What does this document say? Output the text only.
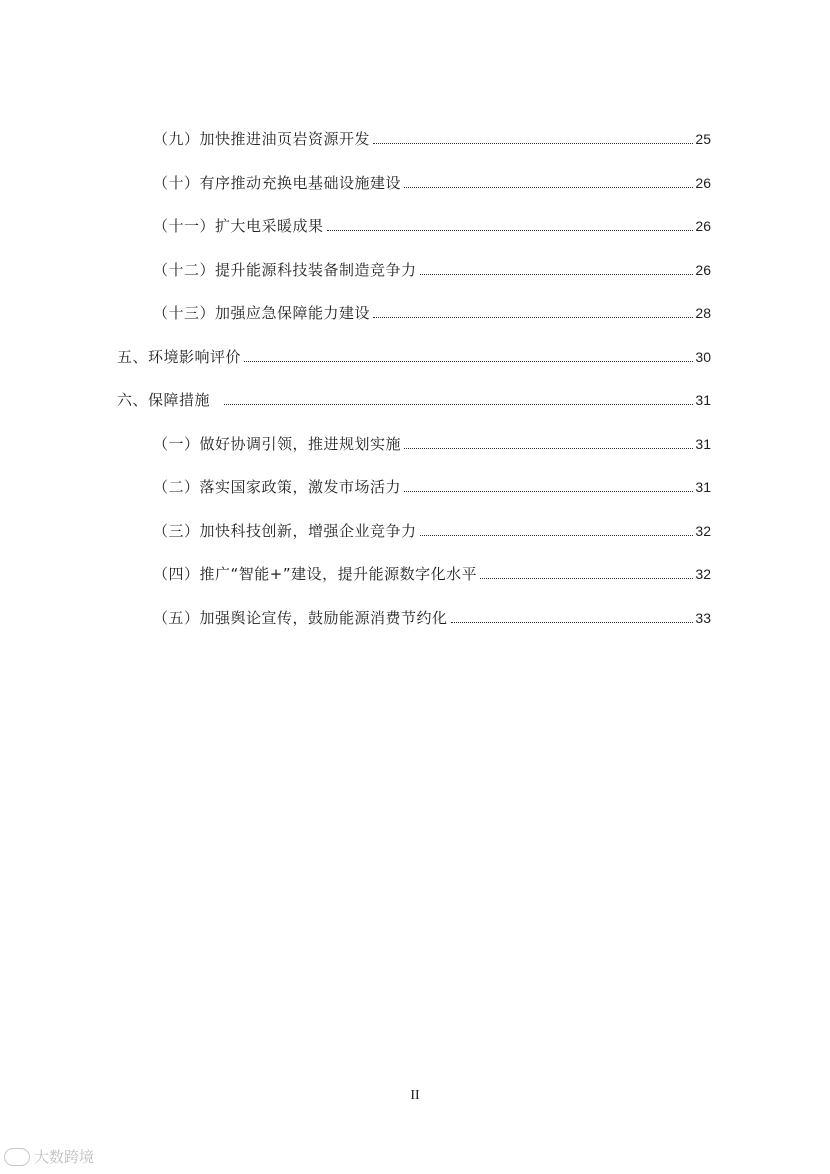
（九）加快推进油页岩资源开发	25
（十）有序推动充换电基础设施建设	26
（十一）扩大电采暖成果	26
（十二）提升能源科技装备制造竞争力	26
（十三）加强应急保障能力建设	28
五、环境影响评价	30
六、保障措施	31
（一）做好协调引领，推进规划实施	31
（二）落实国家政策，激发市场活力	31
（三）加快科技创新，增强企业竞争力	32
（四）推广“智能+”建设，提升能源数字化水平	32
（五）加强舆论宣传，鼓励能源消费节约化	33
II
大数跨境
